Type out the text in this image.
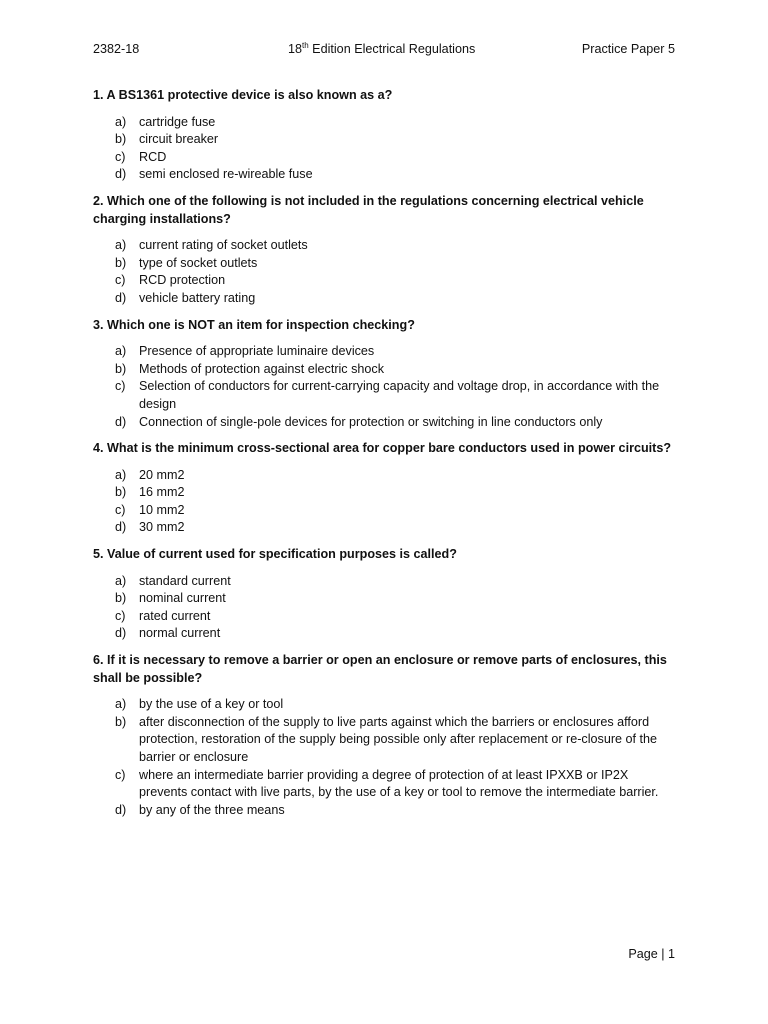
2382-18	18th Edition Electrical Regulations	Practice Paper 5

1. A BS1361 protective device is also known as a?

a) cartridge fuse
b) circuit breaker
c) RCD
d) semi enclosed re-wireable fuse

2. Which one of the following is not included in the regulations concerning electrical vehicle charging installations?

a) current rating of socket outlets
b) type of socket outlets
c) RCD protection
d) vehicle battery rating

3. Which one is NOT an item for inspection checking?

a) Presence of appropriate luminaire devices
b) Methods of protection against electric shock
c) Selection of conductors for current-carrying capacity and voltage drop, in accordance with the design
d) Connection of single-pole devices for protection or switching in line conductors only

4. What is the minimum cross-sectional area for copper bare conductors used in power circuits?

a) 20 mm2
b) 16 mm2
c) 10 mm2
d) 30 mm2

5. Value of current used for specification purposes is called?

a) standard current
b) nominal current
c) rated current
d) normal current

6. If it is necessary to remove a barrier or open an enclosure or remove parts of enclosures, this shall be possible?

a) by the use of a key or tool
b) after disconnection of the supply to live parts against which the barriers or enclosures afford protection, restoration of the supply being possible only after replacement or re-closure of the barrier or enclosure
c) where an intermediate barrier providing a degree of protection of at least IPXXB or IP2X prevents contact with live parts, by the use of a key or tool to remove the intermediate barrier.
d) by any of the three means
Page | 1
